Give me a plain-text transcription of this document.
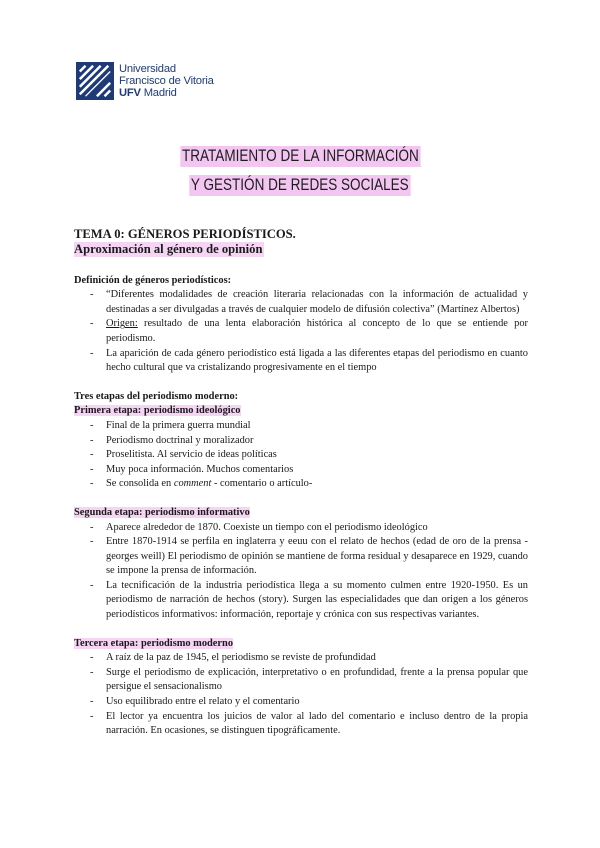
Universidad
Francisco de Vitoria
UFV Madrid
TRATAMIENTO DE LA INFORMACIÓN
Y GESTIÓN DE REDES SOCIALES
TEMA 0: GÉNEROS PERIODÍSTICOS.
Aproximación al género de opinión
Definición de géneros periodísticos:
- “Diferentes modalidades de creación literaria relacionadas con la información de actualidad y destinadas a ser divulgadas a través de cualquier modelo de difusión colectiva” (Martínez Albertos)
- Origen: resultado de una lenta elaboración histórica al concepto de lo que se entiende por periodismo.
- La aparición de cada género periodístico está ligada a las diferentes etapas del periodismo en cuanto hecho cultural que va cristalizando progresivamente en el tiempo
Tres etapas del periodismo moderno:
Primera etapa: periodismo ideológico
- Final de la primera guerra mundial
- Periodismo doctrinal y moralizador
- Proselitista. Al servicio de ideas políticas
- Muy poca información. Muchos comentarios
- Se consolida en comment - comentario o artículo-
Segunda etapa: periodismo informativo
- Aparece alrededor de 1870. Coexiste un tiempo con el periodismo ideológico
- Entre 1870-1914 se perfila en inglaterra y eeuu con el relato de hechos (edad de oro de la prensa - georges weill) El periodismo de opinión se mantiene de forma residual y desaparece en 1929, cuando se impone la prensa de información.
- La tecnificación de la industria periodística llega a su momento culmen entre 1920-1950. Es un periodismo de narración de hechos (story). Surgen las especialidades que dan origen a los géneros periodísticos informativos: información, reportaje y crónica con sus respectivas variantes.
Tercera etapa: periodismo moderno
- A raíz de la paz de 1945, el periodismo se reviste de profundidad
- Surge el periodismo de explicación, interpretativo o en profundidad, frente a la prensa popular que persigue el sensacionalismo
- Uso equilibrado entre el relato y el comentario
- El lector ya encuentra los juicios de valor al lado del comentario e incluso dentro de la propia narración. En ocasiones, se distinguen tipográficamente.
